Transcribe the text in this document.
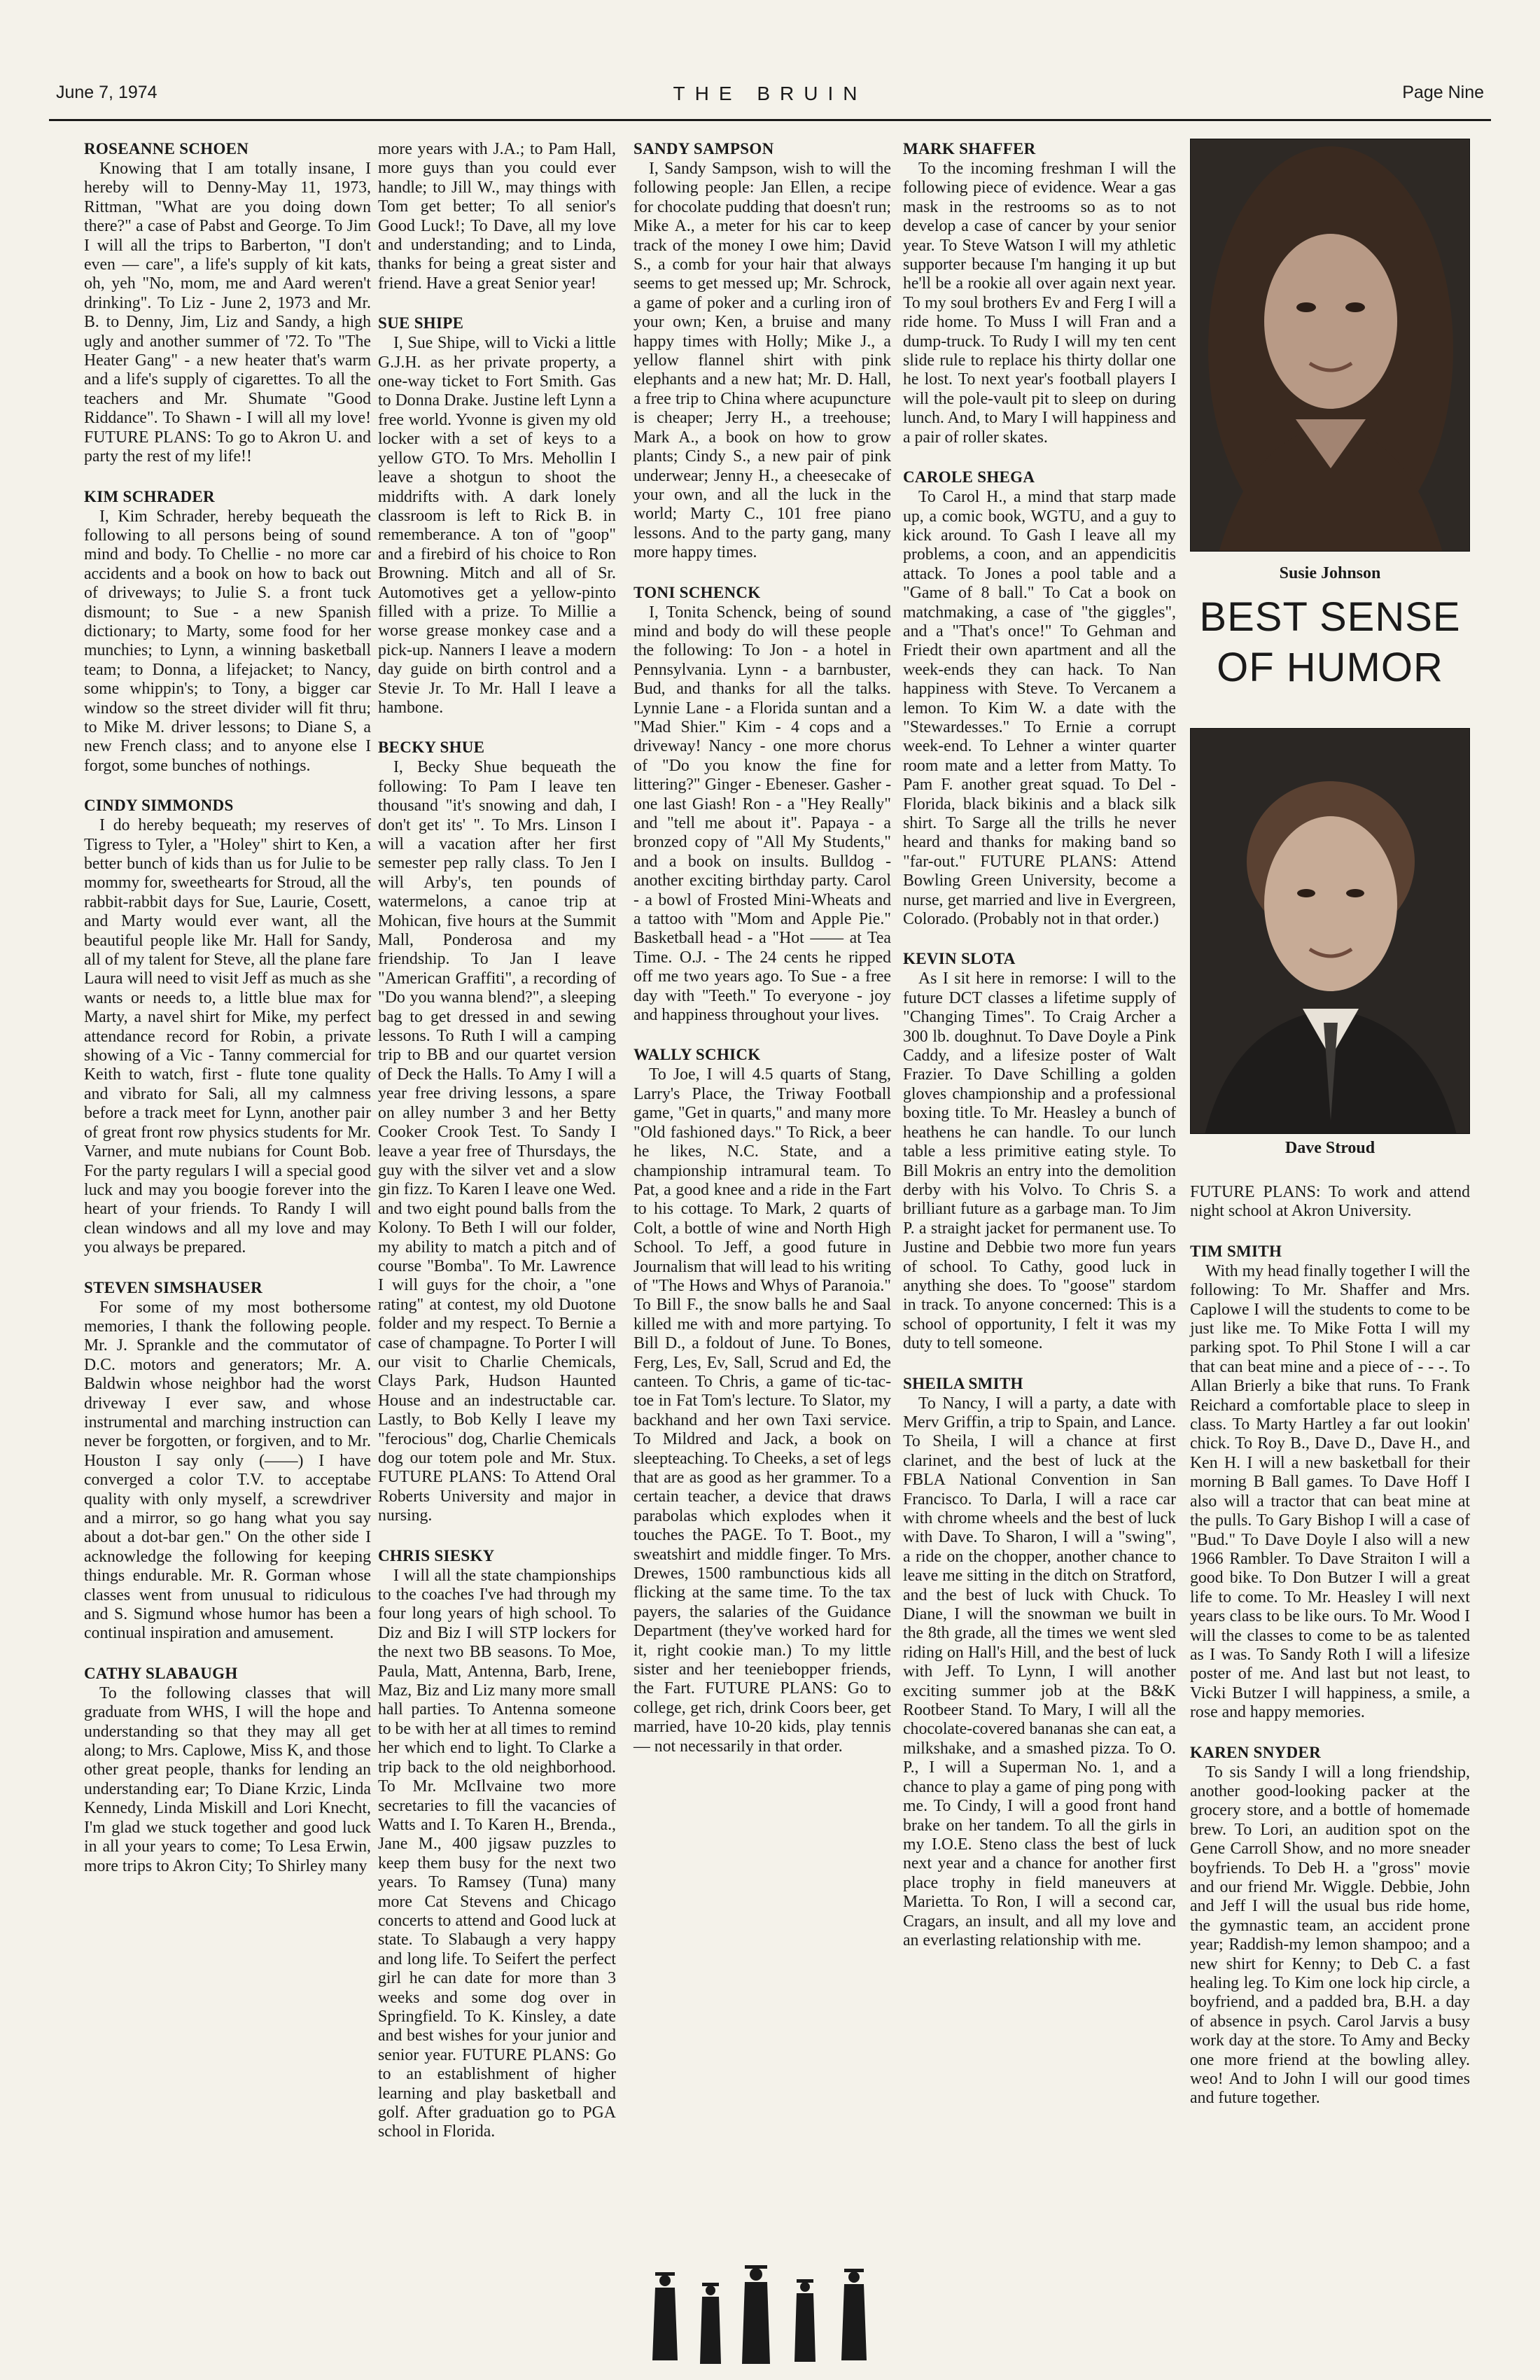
June 7, 1974	THE BRUIN	Page Nine
ROSEANNE SCHOEN

Knowing that I am totally insane, I hereby will to Denny-May 11, 1973, Rittman, "What are you doing down there?" a case of Pabst and George. To Jim I will all the trips to Barberton, "I don't even — care", a life's supply of kit kats, oh, yeh "No, mom, me and Aard weren't drinking". To Liz - June 2, 1973 and Mr. B. to Denny, Jim, Liz and Sandy, a high ugly and another summer of '72. To "The Heater Gang" - a new heater that's warm and a life's supply of cigarettes. To all the teachers and Mr. Shumate "Good Riddance". To Shawn - I will all my love! FUTURE PLANS: To go to Akron U. and party the rest of my life!!

KIM SCHRADER

I, Kim Schrader, hereby bequeath the following to all persons being of sound mind and body. To Chellie - no more car accidents and a book on how to back out of driveways; to Julie S. a front tuck dismount; to Sue - a new Spanish dictionary; to Marty, some food for her munchies; to Lynn, a winning basketball team; to Donna, a lifejacket; to Nancy, some whippin's; to Tony, a bigger car window so the street divider will fit thru; to Mike M. driver lessons; to Diane S, a new French class; and to anyone else I forgot, some bunches of nothings.

CINDY SIMMONDS

I do hereby bequeath; my reserves of Tigress to Tyler, a "Holey" shirt to Ken, a better bunch of kids than us for Julie to be mommy for, sweethearts for Stroud, all the rabbit-rabbit days for Sue, Laurie, Cosett, and Marty would ever want, all the beautiful people like Mr. Hall for Sandy, all of my talent for Steve, all the plane fare Laura will need to visit Jeff as much as she wants or needs to, a little blue max for Marty, a navel shirt for Mike, my perfect attendance record for Robin, a private showing of a Vic - Tanny commercial for Keith to watch, first - flute tone quality and vibrato for Sali, all my calmness before a track meet for Lynn, another pair of great front row physics students for Mr. Varner, and mute nubians for Count Bob. For the party regulars I will a special good luck and may you boogie forever into the heart of your friends. To Randy I will clean windows and all my love and may you always be prepared.

STEVEN SIMSHAUSER

For some of my most bothersome memories, I thank the following people. Mr. J. Sprankle and the commutator of D.C. motors and generators; Mr. A. Baldwin whose neighbor had the worst driveway I ever saw, and whose instrumental and marching instruction can never be forgotten, or forgiven, and to Mr. Houston I say only (——) I have converged a color T.V. to acceptabe quality with only myself, a screwdriver and a mirror, so go hang what you say about a dot-bar gen." On the other side I acknowledge the following for keeping things endurable. Mr. R. Gorman whose classes went from unusual to ridiculous and S. Sigmund whose humor has been a continual inspiration and amusement.

CATHY SLABAUGH

To the following classes that will graduate from WHS, I will the hope and understanding so that they may all get along; to Mrs. Caplowe, Miss K, and those other great people, thanks for lending an understanding ear; To Diane Krzic, Linda Kennedy, Linda Miskill and Lori Knecht, I'm glad we stuck together and good luck in all your years to come; To Lesa Erwin, more trips to Akron City; To Shirley many

more years with J.A.; to Pam Hall, more guys than you could ever handle; to Jill W., may things with Tom get better; To all senior's Good Luck!; To Dave, all my love and understanding; and to Linda, thanks for being a great sister and friend. Have a great Senior year!

SUE SHIPE

I, Sue Shipe, will to Vicki a little G.J.H. as her private property, a one-way ticket to Fort Smith. Gas to Donna Drake. Justine left Lynn a free world. Yvonne is given my old locker with a set of keys to a yellow GTO. To Mrs. Mehollin I leave a shotgun to shoot the middrifts with. A dark lonely classroom is left to Rick B. in rememberance. A ton of "goop" and a firebird of his choice to Ron Browning. Mitch and all of Sr. Automotives get a yellow-pinto filled with a prize. To Millie a worse grease monkey case and a pick-up. Nanners I leave a modern day guide on birth control and a Stevie Jr. To Mr. Hall I leave a hambone.

BECKY SHUE

I, Becky Shue bequeath the following: To Pam I leave ten thousand "it's snowing and dah, I don't get its' ". To Mrs. Linson I will a vacation after her first semester pep rally class. To Jen I will Arby's, ten pounds of watermelons, a canoe trip at Mohican, five hours at the Summit Mall, Ponderosa and my friendship. To Jan I leave "American Graffiti", a recording of "Do you wanna blend?", a sleeping bag to get dressed in and sewing lessons. To Ruth I will a camping trip to BB and our quartet version of Deck the Halls. To Amy I will a year free driving lessons, a spare on alley number 3 and her Betty Cooker Crook Test. To Sandy I leave a year free of Thursdays, the guy with the silver vet and a slow gin fizz. To Karen I leave one Wed. and two eight pound balls from the Kolony. To Beth I will our folder, my ability to match a pitch and of course "Bomba". To Mr. Lawrence I will guys for the choir, a "one rating" at contest, my old Duotone folder and my respect. To Bernie a case of champagne. To Porter I will our visit to Charlie Chemicals, Clays Park, Hudson Haunted House and an indestructable car. Lastly, to Bob Kelly I leave my "ferocious" dog, Charlie Chemicals dog our totem pole and Mr. Stux. FUTURE PLANS: To Attend Oral Roberts University and major in nursing.

CHRIS SIESKY

I will all the state championships to the coaches I've had through my four long years of high school. To Diz and Biz I will STP lockers for the next two BB seasons. To Moe, Paula, Matt, Antenna, Barb, Irene, Maz, Biz and Liz many more small hall parties. To Antenna someone to be with her at all times to remind her which end to light. To Clarke a trip back to the old neighborhood. To Mr. McIlvaine two more secretaries to fill the vacancies of Watts and I. To Karen H., Brenda., Jane M., 400 jigsaw puzzles to keep them busy for the next two years. To Ramsey (Tuna) many more Cat Stevens and Chicago concerts to attend and Good luck at state. To Slabaugh a very happy and long life. To Seifert the perfect girl he can date for more than 3 weeks and some dog over in Springfield. To K. Kinsley, a date and best wishes for your junior and senior year. FUTURE PLANS: Go to an establishment of higher learning and play basketball and golf. After graduation go to PGA school in Florida.

SANDY SAMPSON

I, Sandy Sampson, wish to will the following people: Jan Ellen, a recipe for chocolate pudding that doesn't run; Mike A., a meter for his car to keep track of the money I owe him; David S., a comb for your hair that always seems to get messed up; Mr. Schrock, a game of poker and a curling iron of your own; Ken, a bruise and many happy times with Holly; Mike J., a yellow flannel shirt with pink elephants and a new hat; Mr. D. Hall, a free trip to China where acupuncture is cheaper; Jerry H., a treehouse; Mark A., a book on how to grow plants; Cindy S., a new pair of pink underwear; Jenny H., a cheesecake of your own, and all the luck in the world; Marty C., 101 free piano lessons. And to the party gang, many more happy times.

TONI SCHENCK

I, Tonita Schenck, being of sound mind and body do will these people the following: To Jon - a hotel in Pennsylvania. Lynn - a barnbuster, Bud, and thanks for all the talks. Lynnie Lane - a Florida suntan and a "Mad Shier." Kim - 4 cops and a driveway! Nancy - one more chorus of "Do you know the fine for littering?" Ginger - Ebeneser. Gasher - one last Giash! Ron - a "Hey Really" and "tell me about it". Papaya - a bronzed copy of "All My Students," and a book on insults. Bulldog - another exciting birthday party. Carol - a bowl of Frosted Mini-Wheats and a tattoo with "Mom and Apple Pie." Basketball head - a "Hot —— at Tea Time. O.J. - The 24 cents he ripped off me two years ago. To Sue - a free day with "Teeth." To everyone - joy and happiness throughout your lives.

WALLY SCHICK

To Joe, I will 4.5 quarts of Stang, Larry's Place, the Triway Football game, "Get in quarts," and many more "Old fashioned days." To Rick, a beer he likes, N.C. State, and a championship intramural team. To Pat, a good knee and a ride in the Fart to his cottage. To Mark, 2 quarts of Colt, a bottle of wine and North High School. To Jeff, a good future in Journalism that will lead to his writing of "The Hows and Whys of Paranoia." To Bill F., the snow balls he and Saal killed me with and more partying. To Bill D., a foldout of June. To Bones, Ferg, Les, Ev, Sall, Scrud and Ed, the canteen. To Chris, a game of tic-tac-toe in Fat Tom's lecture. To Slator, my backhand and her own Taxi service. To Mildred and Jack, a book on sleepteaching. To Cheeks, a set of legs that are as good as her grammer. To a certain teacher, a device that draws parabolas which explodes when it touches the PAGE. To T. Boot., my sweatshirt and middle finger. To Mrs. Drewes, 1500 rambunctious kids all flicking at the same time. To the tax payers, the salaries of the Guidance Department (they've worked hard for it, right cookie man.) To my little sister and her teeniebopper friends, the Fart. FUTURE PLANS: Go to college, get rich, drink Coors beer, get married, have 10-20 kids, play tennis — not necessarily in that order.

MARK SHAFFER

To the incoming freshman I will the following piece of evidence. Wear a gas mask in the restrooms so as to not develop a case of cancer by your senior year. To Steve Watson I will my athletic supporter because I'm hanging it up but he'll be a rookie all over again next year. To my soul brothers Ev and Ferg I will a ride home. To Muss I will Fran and a dump-truck. To Rudy I will my ten cent slide rule to replace his thirty dollar one he lost. To next year's football players I will the pole-vault pit to sleep on during lunch. And, to Mary I will happiness and a pair of roller skates.

CAROLE SHEGA

To Carol H., a mind that starp made up, a comic book, WGTU, and a guy to kick around. To Gash I leave all my problems, a coon, and an appendicitis attack. To Jones a pool table and a "Game of 8 ball." To Cat a book on matchmaking, a case of "the giggles", and a "That's once!" To Gehman and Friedt their own apartment and all the week-ends they can hack. To Nan happiness with Steve. To Vercanem a lemon. To Kim W. a date with the "Stewardesses." To Ernie a corrupt week-end. To Lehner a winter quarter room mate and a letter from Matty. To Pam F. another great squad. To Del - Florida, black bikinis and a black silk shirt. To Sarge all the trills he never heard and thanks for making band so "far-out." FUTURE PLANS: Attend Bowling Green University, become a nurse, get married and live in Evergreen, Colorado. (Probably not in that order.)

KEVIN SLOTA

As I sit here in remorse: I will to the future DCT classes a lifetime supply of "Changing Times". To Craig Archer a 300 lb. doughnut. To Dave Doyle a Pink Caddy, and a lifesize poster of Walt Frazier. To Dave Schilling a golden gloves championship and a professional boxing title. To Mr. Heasley a bunch of heathens he can handle. To our lunch table a less primitive eating style. To Bill Mokris an entry into the demolition derby with his Volvo. To Chris S. a brilliant future as a garbage man. To Jim P. a straight jacket for permanent use. To Justine and Debbie two more fun years of school. To Cathy, good luck in anything she does. To "goose" stardom in track. To anyone concerned: This is a school of opportunity, I felt it was my duty to tell someone.

SHEILA SMITH

To Nancy, I will a party, a date with Merv Griffin, a trip to Spain, and Lance. To Sheila, I will a chance at first clarinet, and the best of luck at the FBLA National Convention in San Francisco. To Darla, I will a race car with chrome wheels and the best of luck with Dave. To Sharon, I will a "swing", a ride on the chopper, another chance to leave me sitting in the ditch on Stratford, and the best of luck with Chuck. To Diane, I will the snowman we built in the 8th grade, all the times we went sled riding on Hall's Hill, and the best of luck with Jeff. To Lynn, I will another exciting summer job at the B&K Rootbeer Stand. To Mary, I will all the chocolate-covered bananas she can eat, a milkshake, and a smashed pizza. To O. P., I will a Superman No. 1, and a chance to play a game of ping pong with me. To Cindy, I will a good front hand brake on her tandem. To all the girls in my I.O.E. Steno class the best of luck next year and a chance for another first place trophy in field maneuvers at Marietta. To Ron, I will a second car, Cragars, an insult, and all my love and an everlasting relationship with me.

Susie Johnson
BEST SENSE
OF HUMOR
Dave Stroud

FUTURE PLANS: To work and attend night school at Akron University.

TIM SMITH

With my head finally together I will the following: To Mr. Shaffer and Mrs. Caplowe I will the students to come to be just like me. To Mike Fotta I will my parking spot. To Phil Stone I will a car that can beat mine and a piece of - - -. To Allan Brierly a bike that runs. To Frank Reichard a comfortable place to sleep in class. To Marty Hartley a far out lookin' chick. To Roy B., Dave D., Dave H., and Ken H. I will a new basketball for their morning B Ball games. To Dave Hoff I also will a tractor that can beat mine at the pulls. To Gary Bishop I will a case of "Bud." To Dave Doyle I also will a new 1966 Rambler. To Dave Straiton I will a good bike. To Don Butzer I will a great life to come. To Mr. Heasley I will next years class to be like ours. To Mr. Wood I will the classes to come to be as talented as I was. To Sandy Roth I will a lifesize poster of me. And last but not least, to Vicki Butzer I will happiness, a smile, a rose and happy memories.

KAREN SNYDER

To sis Sandy I will a long friendship, another good-looking packer at the grocery store, and a bottle of homemade brew. To Lori, an audition spot on the Gene Carroll Show, and no more sneader boyfriends. To Deb H. a "gross" movie and our friend Mr. Wiggle. Debbie, John and Jeff I will the usual bus ride home, the gymnastic team, an accident prone year; Raddish-my lemon shampoo; and a new shirt for Kenny; to Deb C. a fast healing leg. To Kim one lock hip circle, a boyfriend, and a padded bra, B.H. a day of absence in psych. Carol Jarvis a busy work day at the store. To Amy and Becky one more friend at the bowling alley. weo! And to John I will our good times and future together.
